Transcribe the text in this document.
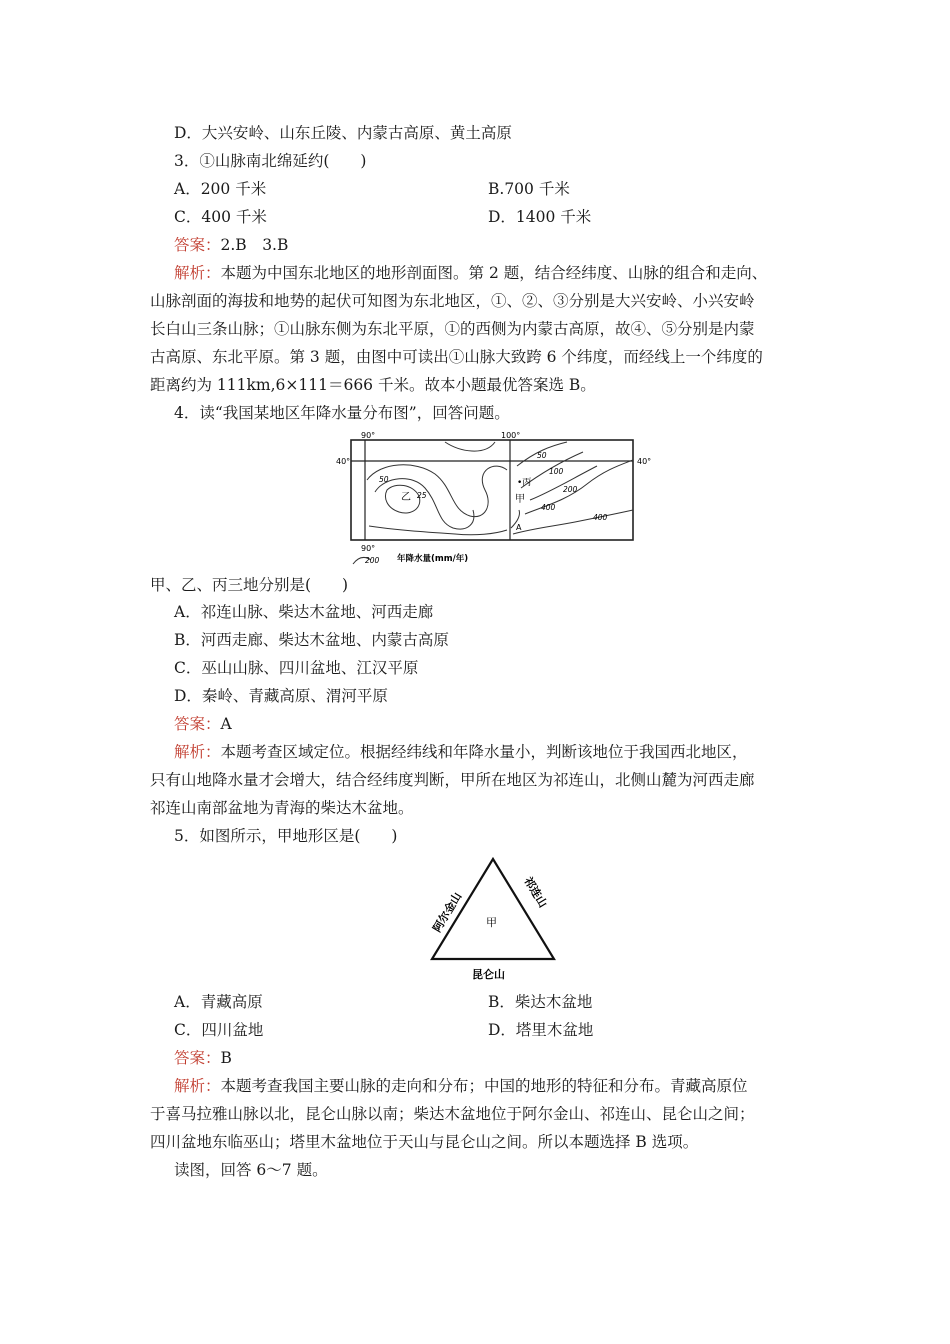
D．大兴安岭、山东丘陵、内蒙古高原、黄土高原
3．①山脉南北绵延约(　　)
A．200 千米	B.700 千米
C．400 千米	D．1400 千米
答案：2.B　3.B
解析：本题为中国东北地区的地形剖面图。第 2 题，结合经纬度、山脉的组合和走向、
山脉剖面的海拔和地势的起伏可知图为东北地区，①、②、③分别是大兴安岭、小兴安岭
长白山三条山脉；①山脉东侧为东北平原，①的西侧为内蒙古高原，故④、⑤分别是内蒙
古高原、东北平原。第 3 题，由图中可读出①山脉大致跨 6 个纬度，而经线上一个纬度的
距离约为 111km,6×111＝666 千米。故本小题最优答案选 B。
4．读“我国某地区年降水量分布图”，回答问题。
90°	100°
40°	40°
50
100
200
400
400
50
25
乙
•丙
甲
A
90°
200 年降水量(mm/年)
甲、乙、丙三地分别是(　　)
A．祁连山脉、柴达木盆地、河西走廊
B．河西走廊、柴达木盆地、内蒙古高原
C．巫山山脉、四川盆地、江汉平原
D．秦岭、青藏高原、渭河平原
答案：A
解析：本题考查区域定位。根据经纬线和年降水量小，判断该地位于我国西北地区，
只有山地降水量才会增大，结合经纬度判断，甲所在地区为祁连山，北侧山麓为河西走廊
祁连山南部盆地为青海的柴达木盆地。
5．如图所示，甲地形区是(　　)
阿尔金山	祁连山
昆仑山
甲
A．青藏高原	B．柴达木盆地
C．四川盆地	D．塔里木盆地
答案：B
解析：本题考查我国主要山脉的走向和分布；中国的地形的特征和分布。青藏高原位
于喜马拉雅山脉以北，昆仑山脉以南；柴达木盆地位于阿尔金山、祁连山、昆仑山之间；
四川盆地东临巫山；塔里木盆地位于天山与昆仑山之间。所以本题选择 B 选项。
读图，回答 6～7 题。
